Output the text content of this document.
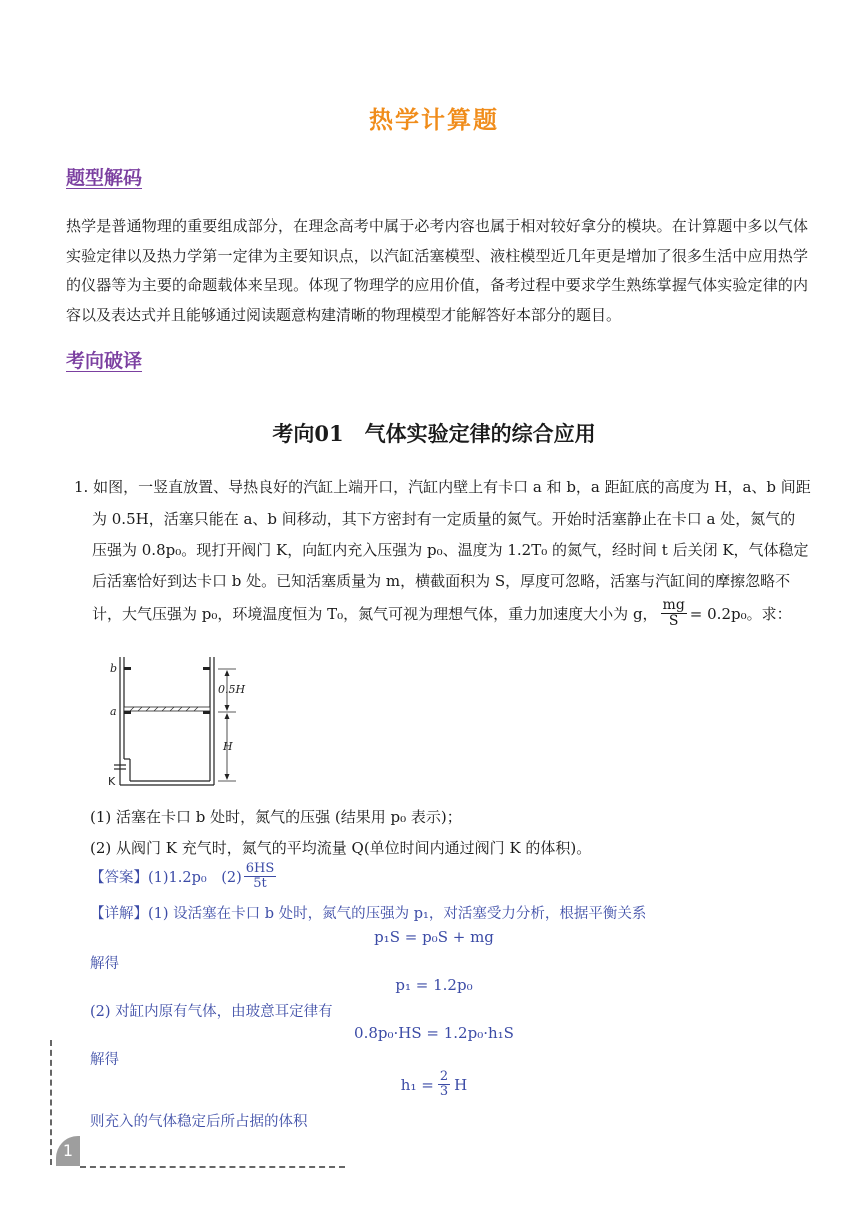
热学计算题
题型解码
热学是普通物理的重要组成部分，在理念高考中属于必考内容也属于相对较好拿分的模块。在计算题中多以气体实验定律以及热力学第一定律为主要知识点，以汽缸活塞模型、液柱模型近几年更是增加了很多生活中应用热学的仪器等为主要的命题载体来呈现。体现了物理学的应用价值，备考过程中要求学生熟练掌握气体实验定律的内容以及表达式并且能够通过阅读题意构建清晰的物理模型才能解答好本部分的题目。
考向破译
考向01　气体实验定律的综合应用
1. 如图，一竖直放置、导热良好的汽缸上端开口，汽缸内壁上有卡口 a 和 b，a 距缸底的高度为 H，a、b 间距
为 0.5H，活塞只能在 a、b 间移动，其下方密封有一定质量的氮气。开始时活塞静止在卡口 a 处，氮气的
压强为 0.8p₀。现打开阀门 K，向缸内充入压强为 p₀、温度为 1.2T₀ 的氮气，经时间 t 后关闭 K，气体稳定
后活塞恰好到达卡口 b 处。已知活塞质量为 m，横截面积为 S，厚度可忽略，活塞与汽缸间的摩擦忽略不
计，大气压强为 p₀，环境温度恒为 T₀，氮气可视为理想气体，重力加速度大小为 g， $\frac{mg}{S} = 0.2p_0$。求：
b
a
0.5H
H
K
(1) 活塞在卡口 b 处时，氮气的压强 (结果用 p₀ 表示)；
(2) 从阀门 K 充气时，氮气的平均流量 Q(单位时间内通过阀门 K 的体积)。
【答案】(1)1.2p₀　$(2) \frac{6HS}{5t}$
【详解】(1) 设活塞在卡口 b 处时，氮气的压强为 p₁，对活塞受力分析，根据平衡关系
p₁S = p₀S + mg
解得
p₁ = 1.2p₀
(2) 对缸内原有气体，由玻意耳定律有
0.8p₀·HS = 1.2p₀·h₁S
解得
$h_1 = \frac{2}{3}$ H
则充入的气体稳定后所占据的体积
1
